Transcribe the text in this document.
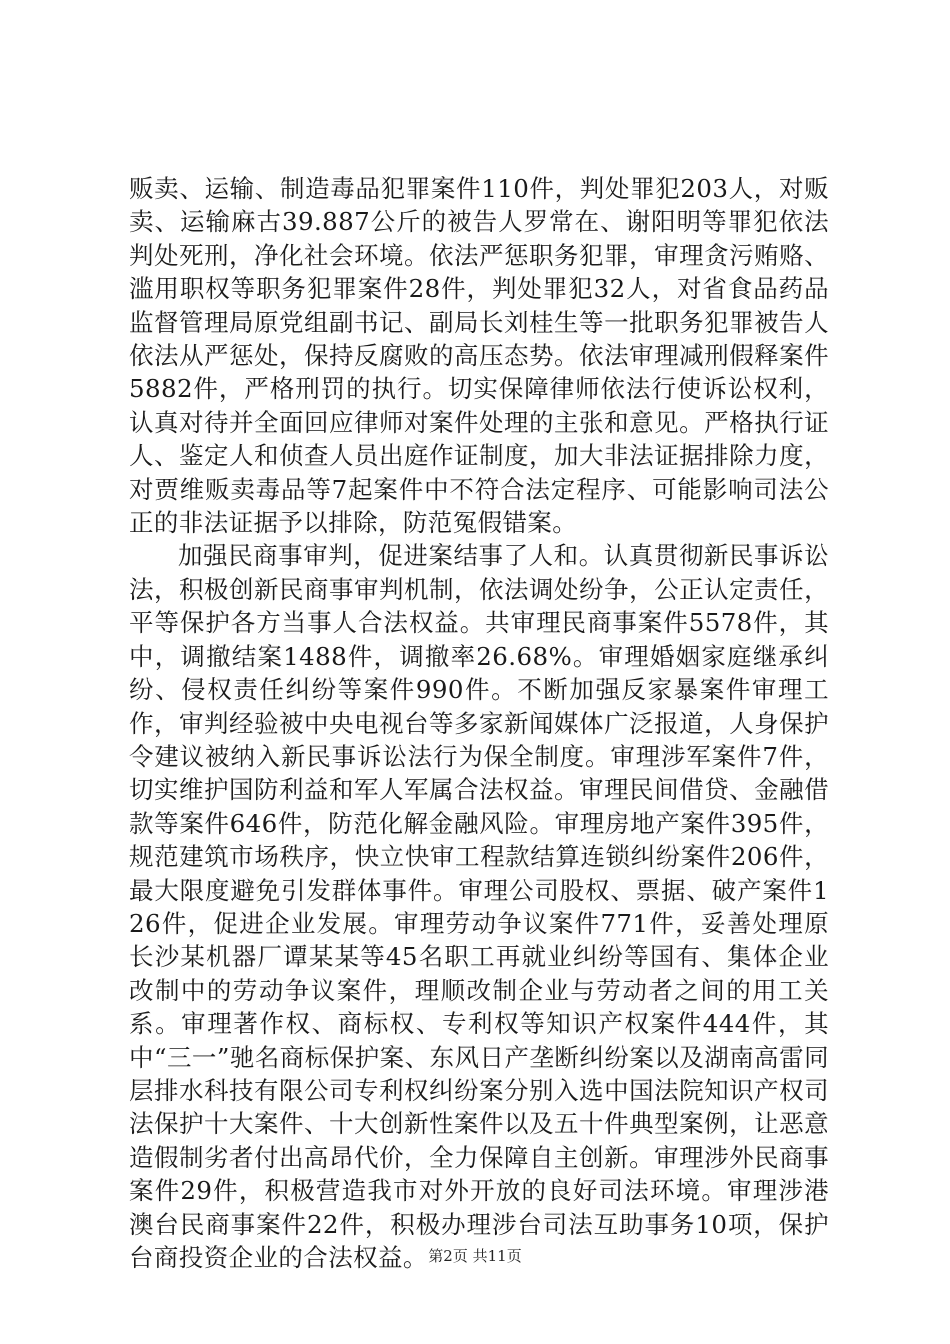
贩卖、运输、制造毒品犯罪案件110件，判处罪犯203人，对贩卖、运输麻古39.887公斤的被告人罗常在、谢阳明等罪犯依法判处死刑，净化社会环境。依法严惩职务犯罪，审理贪污贿赂、滥用职权等职务犯罪案件28件，判处罪犯32人，对省食品药品监督管理局原党组副书记、副局长刘桂生等一批职务犯罪被告人依法从严惩处，保持反腐败的高压态势。依法审理减刑假释案件5882件，严格刑罚的执行。切实保障律师依法行使诉讼权利，认真对待并全面回应律师对案件处理的主张和意见。严格执行证人、鉴定人和侦查人员出庭作证制度，加大非法证据排除力度，对贾维贩卖毒品等7起案件中不符合法定程序、可能影响司法公正的非法证据予以排除，防范冤假错案。

加强民商事审判，促进案结事了人和。认真贯彻新民事诉讼法，积极创新民商事审判机制，依法调处纷争，公正认定责任，平等保护各方当事人合法权益。共审理民商事案件5578件，其中，调撤结案1488件，调撤率26.68%。审理婚姻家庭继承纠纷、侵权责任纠纷等案件990件。不断加强反家暴案件审理工作，审判经验被中央电视台等多家新闻媒体广泛报道，人身保护令建议被纳入新民事诉讼法行为保全制度。审理涉军案件7件，切实维护国防利益和军人军属合法权益。审理民间借贷、金融借款等案件646件，防范化解金融风险。审理房地产案件395件，规范建筑市场秩序，快立快审工程款结算连锁纠纷案件206件，最大限度避免引发群体事件。审理公司股权、票据、破产案件126件，促进企业发展。审理劳动争议案件771件，妥善处理原长沙某机器厂谭某某等45名职工再就业纠纷等国有、集体企业改制中的劳动争议案件，理顺改制企业与劳动者之间的用工关系。审理著作权、商标权、专利权等知识产权案件444件，其中“三一”驰名商标保护案、东风日产垄断纠纷案以及湖南高雷同层排水科技有限公司专利权纠纷案分别入选中国法院知识产权司法保护十大案件、十大创新性案件以及五十件典型案例，让恶意造假制劣者付出高昂代价，全力保障自主创新。审理涉外民商事案件29件，积极营造我市对外开放的良好司法环境。审理涉港澳台民商事案件22件，积极办理涉台司法互助事务10项，保护台商投资企业的合法权益。 第2页 共11页
